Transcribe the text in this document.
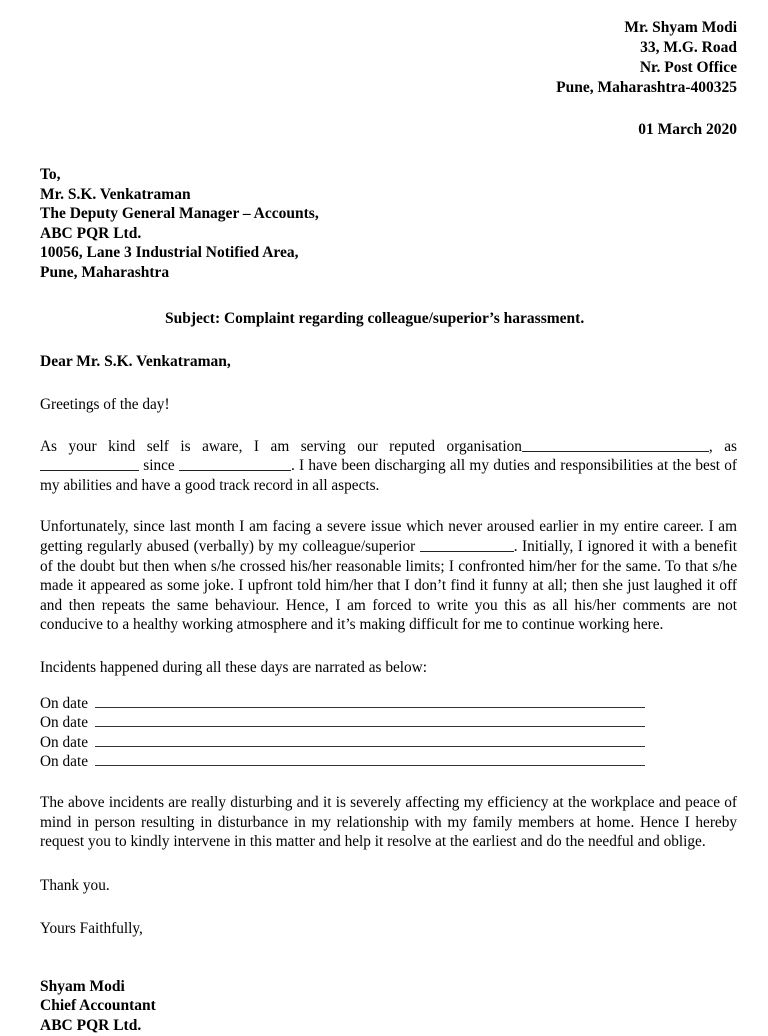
Mr. Shyam Modi
33, M.G. Road
Nr. Post Office
Pune, Maharashtra-400325
01 March 2020
To,
Mr. S.K. Venkatraman
The Deputy General Manager – Accounts,
ABC PQR Ltd.
10056, Lane 3 Industrial Notified Area,
Pune, Maharashtra
Subject: Complaint regarding colleague/superior’s harassment.
Dear Mr. S.K. Venkatraman,
Greetings of the day!

As your kind self is aware, I am serving our reputed organisation	, as  since	. I have been discharging all my duties and responsibilities at the best of my abilities and have a good track record in all aspects.

Unfortunately, since last month I am facing a severe issue which never aroused earlier in my entire career. I am getting regularly abused (verbally) by my colleague/superior	. Initially, I ignored it with a benefit of the doubt but then when s/he crossed his/her reasonable limits; I confronted him/her for the same. To that s/he made it appeared as some joke. I upfront told him/her that I don’t find it funny at all; then she just laughed it off and then repeats the same behaviour. Hence, I am forced to write you this as all his/her comments are not conducive to a healthy working atmosphere and it’s making difficult for me to continue working here.

Incidents happened during all these days are narrated as below:
On date
On date
On date
On date

The above incidents are really disturbing and it is severely affecting my efficiency at the workplace and peace of mind in person resulting in disturbance in my relationship with my family members at home. Hence I hereby request you to kindly intervene in this matter and help it resolve at the earliest and do the needful and oblige.

Thank you.
Yours Faithfully,
Shyam Modi
Chief Accountant
ABC PQR Ltd.
